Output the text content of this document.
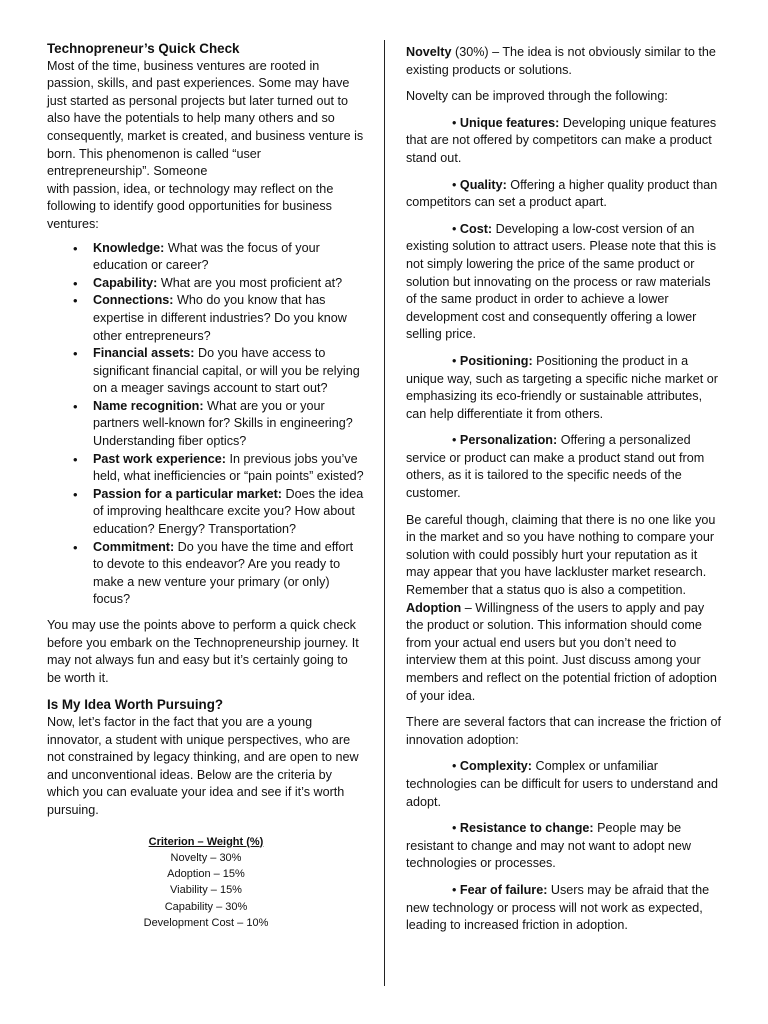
Technopreneur’s Quick Check

Most of the time, business ventures are rooted in passion, skills, and past experiences. Some may have just started as personal projects but later turned out to also have the potentials to help many others and so consequently, market is created, and business venture is born. This phenomenon is called “user entrepreneurship”. Someone

with passion, idea, or technology may reflect on the following to identify good opportunities for business ventures:

• Knowledge: What was the focus of your education or career?
• Capability: What are you most proficient at?
• Connections: Who do you know that has expertise in different industries? Do you know other entrepreneurs?
• Financial assets: Do you have access to significant financial capital, or will you be relying on a meager savings account to start out?
• Name recognition: What are you or your partners well-known for? Skills in engineering? Understanding fiber optics?
• Past work experience: In previous jobs you’ve held, what inefficiencies or “pain points” existed?
• Passion for a particular market: Does the idea of improving healthcare excite you? How about education? Energy? Transportation?
• Commitment: Do you have the time and effort to devote to this endeavor? Are you ready to make a new venture your primary (or only) focus?

You may use the points above to perform a quick check before you embark on the Technopreneurship journey. It may not always fun and easy but it’s certainly going to be worth it.

Is My Idea Worth Pursuing?

Now, let’s factor in the fact that you are a young innovator, a student with unique perspectives, who are not constrained by legacy thinking, and are open to new and unconventional ideas. Below are the criteria by which you can evaluate your idea and see if it’s worth pursuing.

Criterion – Weight (%)
Novelty – 30%
Adoption – 15%
Viability – 15%
Capability – 30%
Development Cost – 10%

Novelty (30%) – The idea is not obviously similar to the existing products or solutions.

Novelty can be improved through the following:

• Unique features: Developing unique features that are not offered by competitors can make a product stand out.

• Quality: Offering a higher quality product than competitors can set a product apart.

• Cost: Developing a low-cost version of an existing solution to attract users. Please note that this is not simply lowering the price of the same product or solution but innovating on the process or raw materials of the same product in order to achieve a lower development cost and consequently offering a lower selling price.

• Positioning: Positioning the product in a unique way, such as targeting a specific niche market or emphasizing its eco-friendly or sustainable attributes, can help differentiate it from others.

• Personalization: Offering a personalized service or product can make a product stand out from others, as it is tailored to the specific needs of the customer.

Be careful though, claiming that there is no one like you in the market and so you have nothing to compare your solution with could possibly hurt your reputation as it may appear that you have lackluster market research. Remember that a status quo is also a competition. Adoption – Willingness of the users to apply and pay the product or solution. This information should come from your actual end users but you don’t need to interview them at this point. Just discuss among your members and reflect on the potential friction of adoption of your idea.

There are several factors that can increase the friction of innovation adoption:

• Complexity: Complex or unfamiliar technologies can be difficult for users to understand and adopt.

• Resistance to change: People may be resistant to change and may not want to adopt new technologies or processes.

• Fear of failure: Users may be afraid that the new technology or process will not work as expected, leading to increased friction in adoption.
